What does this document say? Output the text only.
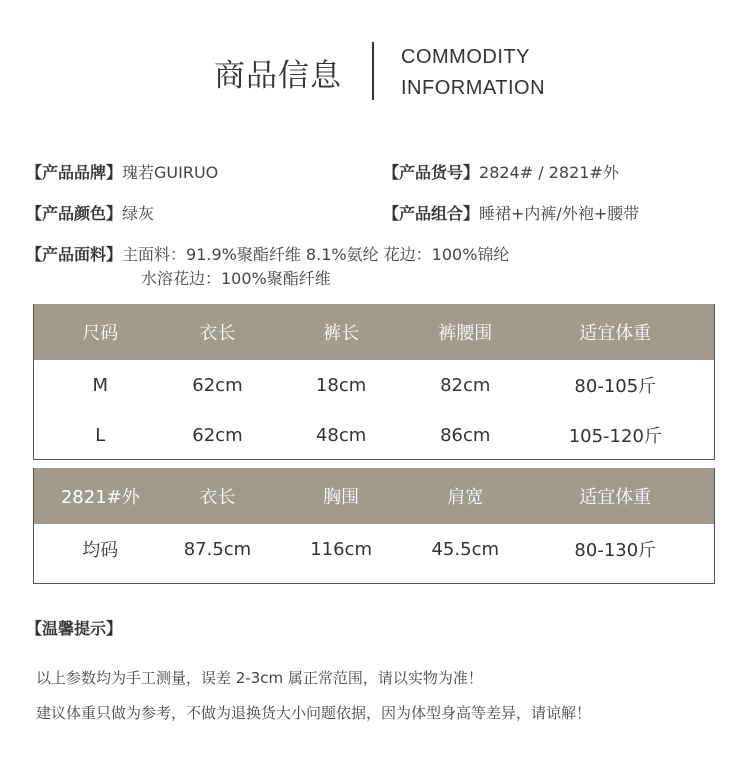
商品信息
COMMODITY
INFORMATION
【产品品牌】瑰若GUIRUO	【产品货号】2824# / 2821#外
【产品颜色】绿灰	【产品组合】睡裙+内裤/外袍+腰带
【产品面料】主面料：91.9%聚酯纤维 8.1%氨纶 花边：100%锦纶
水溶花边：100%聚酯纤维
尺码	衣长	裤长	裤腰围	适宜体重
M	62cm	18cm	82cm	80-105斤
L	62cm	48cm	86cm	105-120斤
2821#外	衣长	胸围	肩宽	适宜体重
均码	87.5cm	116cm	45.5cm	80-130斤
【温馨提示】
以上参数均为手工测量，误差 2-3cm 属正常范围，请以实物为准！
建议体重只做为参考，不做为退换货大小问题依据，因为体型身高等差异，请谅解！
